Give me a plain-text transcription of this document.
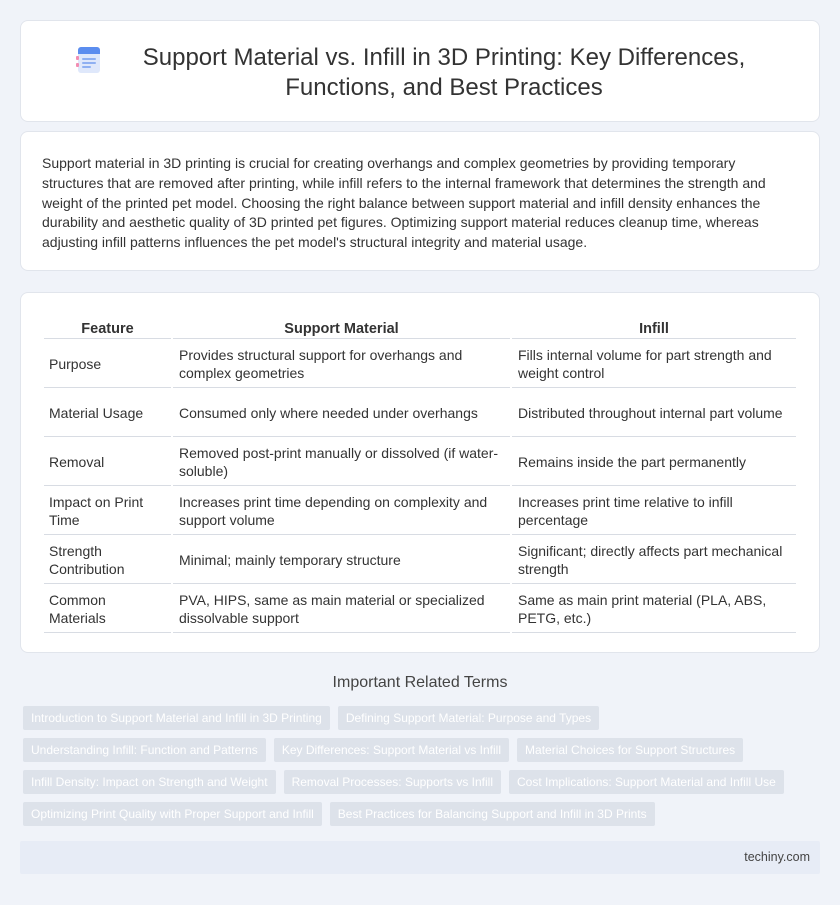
Support Material vs. Infill in 3D Printing: Key Differences, Functions, and Best Practices

Support material in 3D printing is crucial for creating overhangs and complex geometries by providing temporary structures that are removed after printing, while infill refers to the internal framework that determines the strength and weight of the printed pet model. Choosing the right balance between support material and infill density enhances the durability and aesthetic quality of 3D printed pet figures. Optimizing support material reduces cleanup time, whereas adjusting infill patterns influences the pet model's structural integrity and material usage.

Feature	Support Material	Infill
Purpose	Provides structural support for overhangs and complex geometries	Fills internal volume for part strength and weight control
Material Usage	Consumed only where needed under overhangs	Distributed throughout internal part volume
Removal	Removed post-print manually or dissolved (if water-soluble)	Remains inside the part permanently
Impact on Print Time	Increases print time depending on complexity and support volume	Increases print time relative to infill percentage
Strength Contribution	Minimal; mainly temporary structure	Significant; directly affects part mechanical strength
Common Materials	PVA, HIPS, same as main material or specialized dissolvable support	Same as main print material (PLA, ABS, PETG, etc.)
Important Related Terms
Introduction to Support Material and Infill in 3D Printing	Defining Support Material: Purpose and Types
Understanding Infill: Function and Patterns	Key Differences: Support Material vs Infill	Material Choices for Support Structures
Infill Density: Impact on Strength and Weight	Removal Processes: Supports vs Infill	Cost Implications: Support Material and Infill Use
Optimizing Print Quality with Proper Support and Infill	Best Practices for Balancing Support and Infill in 3D Prints
techiny.com
